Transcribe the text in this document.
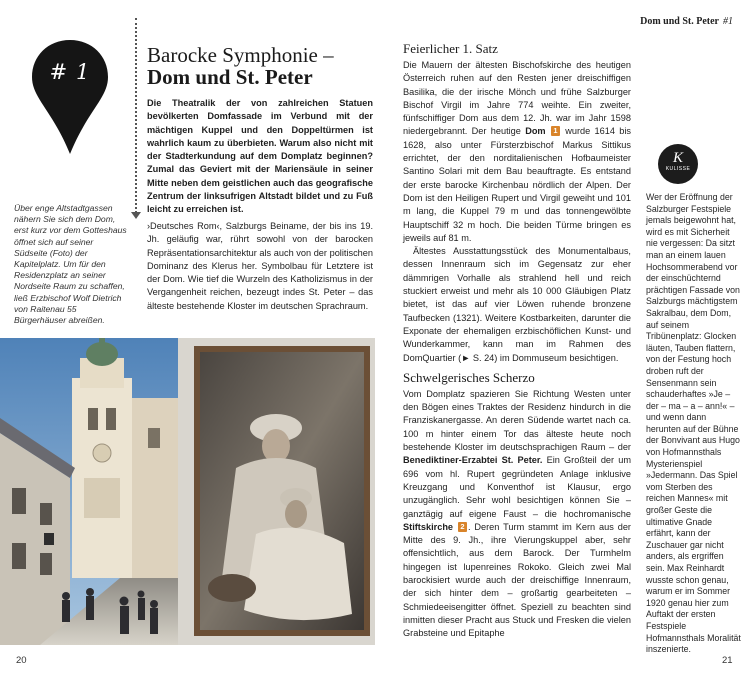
# 1
Barocke Symphonie –
Dom und St. Peter
Die Theatralik der von zahlreichen Statuen bevölkerten Domfassade im Verbund mit der mächtigen Kuppel und den Doppeltürmen ist wahrlich kaum zu überbieten. Warum also nicht mit der Stadterkundung auf dem Domplatz beginnen? Zumal das Geviert mit der Mariensäule in seiner Mitte neben dem geistlichen auch das geografische Zentrum der linksufrigen Altstadt bildet und zu Fuß leicht zu erreichen ist.
Über enge Altstadtgassen nähern Sie sich dem Dom, erst kurz vor dem Gotteshaus öffnet sich auf seiner Südseite (Foto) der Kapitelplatz. Um für den Residenzplatz an seiner Nordseite Raum zu schaffen, ließ Erzbischof Wolf Dietrich von Raitenau 55 Bürgerhäuser abreißen.
›Deutsches Rom‹, Salzburgs Beiname, der bis ins 19. Jh. geläufig war, rührt sowohl von der barocken Repräsentationsarchitektur als auch von der politischen Dominanz des Klerus her. Symbolbau für Letztere ist der Dom. Wie tief die Wurzeln des Katholizismus in der Vergangenheit reichen, bezeugt indes St. Peter – das älteste bestehende Kloster im deutschen Sprachraum.
20
Dom und St. Peter #1
Feierlicher 1. Satz

Die Mauern der ältesten Bischofskirche des heutigen Österreich ruhen auf den Resten jener dreischiffigen Basilika, die der irische Mönch und frühe Salzburger Bischof Virgil im Jahre 774 weihte. Ein zweiter, fünfschiffiger Dom aus dem 12. Jh. war im Jahr 1598 niedergebrannt. Der heutige Dom 1 wurde 1614 bis 1628, also unter Fürsterzbischof Markus Sittikus errichtet, der den norditalienischen Hofbaumeister Santino Solari mit dem Bau beauftragte. Es entstand der erste barocke Kirchenbau nördlich der Alpen. Der Dom ist den Heiligen Rupert und Virgil geweiht und 101 m lang, die Kuppel 79 m und das tonnengewölbte Hauptschiff 32 m hoch. Die beiden Türme bringen es jeweils auf 81 m.

Ältestes Ausstattungsstück des Monumentalbaus, dessen Innenraum sich im Gegensatz zur eher dämmrigen Vorhalle als strahlend hell und reich stuckiert erweist und mehr als 10 000 Gläubigen Platz bietet, ist das auf vier Löwen ruhende bronzene Taufbecken (1321). Weitere Kostbarkeiten, darunter die Exponate der ehemaligen erzbischöflichen Kunst- und Wunderkammer, kann man im Rahmen des DomQuartier (► S. 24) im Dommuseum besichtigen.

Schwelgerisches Scherzo

Vom Domplatz spazieren Sie Richtung Westen unter den Bögen eines Traktes der Residenz hindurch in die Franziskanergasse. An deren Südende wartet nach ca. 100 m hinter einem Tor das älteste heute noch bestehende Kloster im deutschsprachigen Raum – der Benediktiner-Erzabtei St. Peter. Ein Großteil der um 696 vom hl. Rupert gegründeten Anlage inklusive Kreuzgang und Konventhof ist Klausur, ergo unzugänglich. Sehr wohl besichtigen können Sie – ganztägig auf eigene Faust – die hochromanische Stiftskirche 2 . Deren Turm stammt im Kern aus der Mitte des 9. Jh., ihre Vierungskuppel aber, sehr offensichtlich, aus dem Barock. Der Turmhelm hingegen ist lupenreines Rokoko. Gleich zwei Mal barockisiert wurde auch der dreischiffige Innenraum, der sich hinter dem – großartig gearbeiteten – Schmiedeeisengitter öffnet. Speziell zu beachten sind inmitten dieser Pracht aus Stuck und Fresken die vielen Grabsteine und Epitaphe

K
KULISSE
Wer der Eröffnung der Salzburger Festspiele jemals beigewohnt hat, wird es mit Sicherheit nie vergessen: Da sitzt man an einem lauen Hochsommerabend vor der einschüchternd prächtigen Fassade von Salzburgs mächtigstem Sakralbau, dem Dom, auf seinem Tribünenplatz: Glocken läuten, Tauben flattern, von der Festung hoch droben ruft der Sensenmann sein schauderhaftes »Je – der – ma – a – ann!« – und wenn dann herunten auf der Bühne der Bonvivant aus Hugo von Hofmannsthals Mysterienspiel »Jedermann. Das Spiel vom Sterben des reichen Mannes« mit großer Geste die ultimative Gnade erfährt, kann der Zuschauer gar nicht anders, als ergriffen sein. Max Reinhardt wusste schon genau, warum er im Sommer 1920 genau hier zum Auftakt der ersten Festspiele Hofmannsthals Moralität inszenierte.
21
